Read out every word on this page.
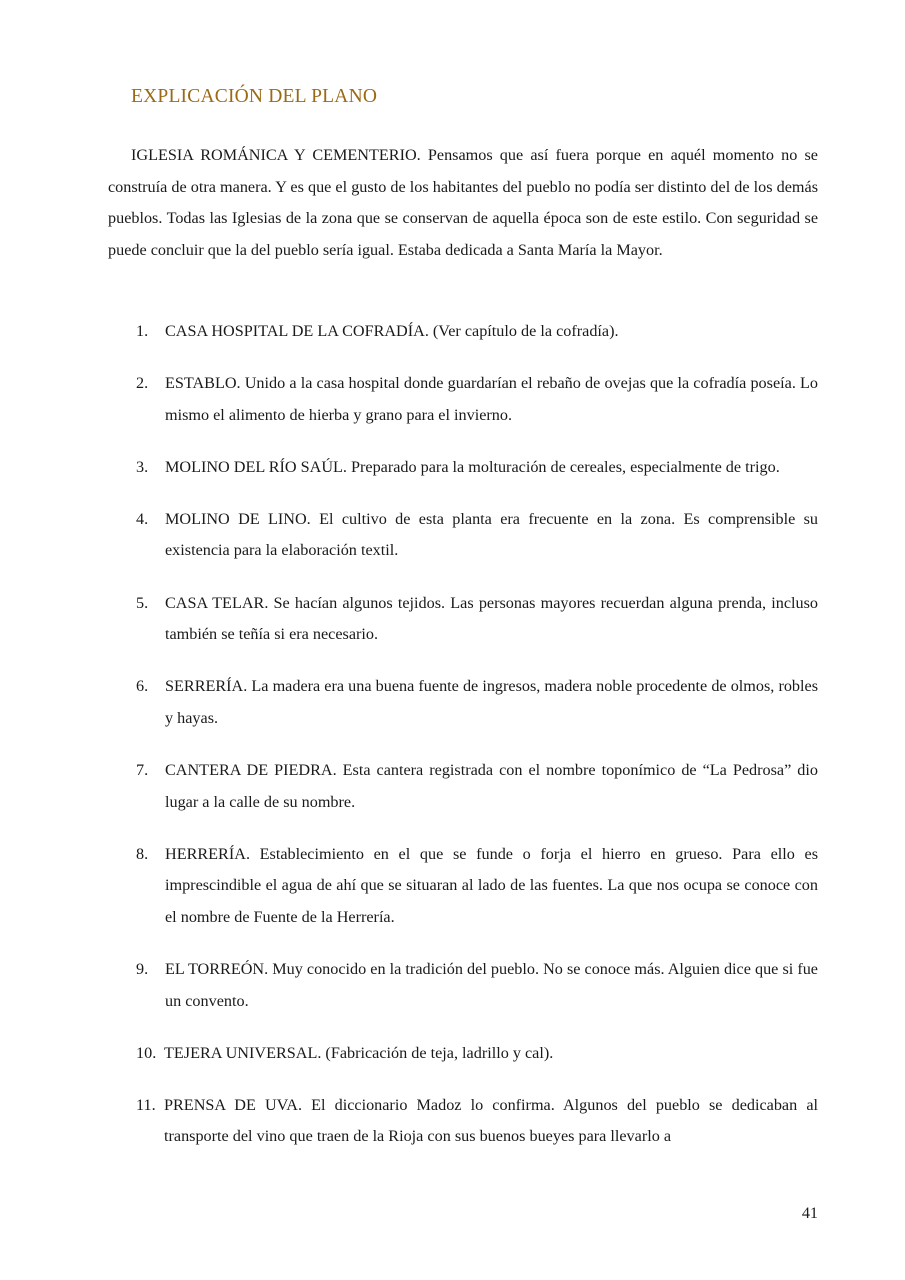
EXPLICACIÓN DEL PLANO

IGLESIA ROMÁNICA Y CEMENTERIO. Pensamos que así fuera porque en aquél momento no se construía de otra manera. Y es que el gusto de los habitantes del pueblo no podía ser distinto del de los demás pueblos. Todas las Iglesias de la zona que se conservan de aquella época son de este estilo. Con seguridad se puede concluir que la del pueblo sería igual. Estaba dedicada a Santa María la Mayor.

1. CASA HOSPITAL DE LA COFRADÍA. (Ver capítulo de la cofradía).
2. ESTABLO. Unido a la casa hospital donde guardarían el rebaño de ovejas que la cofradía poseía. Lo mismo el alimento de hierba y grano para el invierno.
3. MOLINO DEL RÍO SAÚL. Preparado para la molturación de cereales, especialmente de trigo.
4. MOLINO DE LINO. El cultivo de esta planta era frecuente en la zona. Es comprensible su existencia para la elaboración textil.
5. CASA TELAR. Se hacían algunos tejidos. Las personas mayores recuerdan alguna prenda, incluso también se teñía si era necesario.
6. SERRERÍA. La madera era una buena fuente de ingresos, madera noble procedente de olmos, robles y hayas.
7. CANTERA DE PIEDRA. Esta cantera registrada con el nombre toponímico de “La Pedrosa” dio lugar a la calle de su nombre.
8. HERRERÍA. Establecimiento en el que se funde o forja el hierro en grueso. Para ello es imprescindible el agua de ahí que se situaran al lado de las fuentes. La que nos ocupa se conoce con el nombre de Fuente de la Herrería.
9. EL TORREÓN. Muy conocido en la tradición del pueblo. No se conoce más. Alguien dice que si fue un convento.
10. TEJERA UNIVERSAL. (Fabricación de teja, ladrillo y cal).
11. PRENSA DE UVA. El diccionario Madoz lo confirma. Algunos del pueblo se dedicaban al transporte del vino que traen de la Rioja con sus buenos bueyes para llevarlo a
41
